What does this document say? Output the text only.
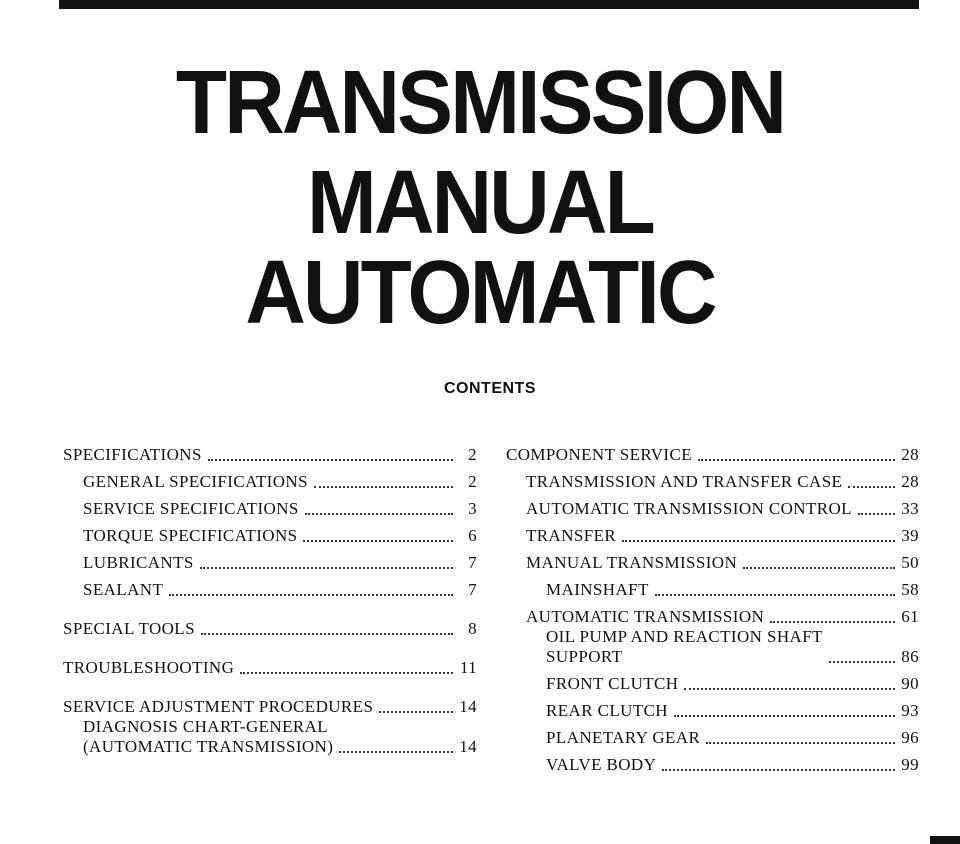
TRANSMISSION
MANUAL
AUTOMATIC
CONTENTS
SPECIFICATIONS	2
GENERAL SPECIFICATIONS	2
SERVICE SPECIFICATIONS	3
TORQUE SPECIFICATIONS	6
LUBRICANTS	7
SEALANT	7
SPECIAL TOOLS	8
TROUBLESHOOTING	11
SERVICE ADJUSTMENT PROCEDURES	14
DIAGNOSIS CHART-GENERAL
(AUTOMATIC TRANSMISSION)	14
COMPONENT SERVICE	28
TRANSMISSION AND TRANSFER CASE	28
AUTOMATIC TRANSMISSION CONTROL	33
TRANSFER	39
MANUAL TRANSMISSION	50
MAINSHAFT	58
AUTOMATIC TRANSMISSION	61
OIL PUMP AND REACTION SHAFT
SUPPORT	86
FRONT CLUTCH	90
REAR CLUTCH	93
PLANETARY GEAR	96
VALVE BODY	99
